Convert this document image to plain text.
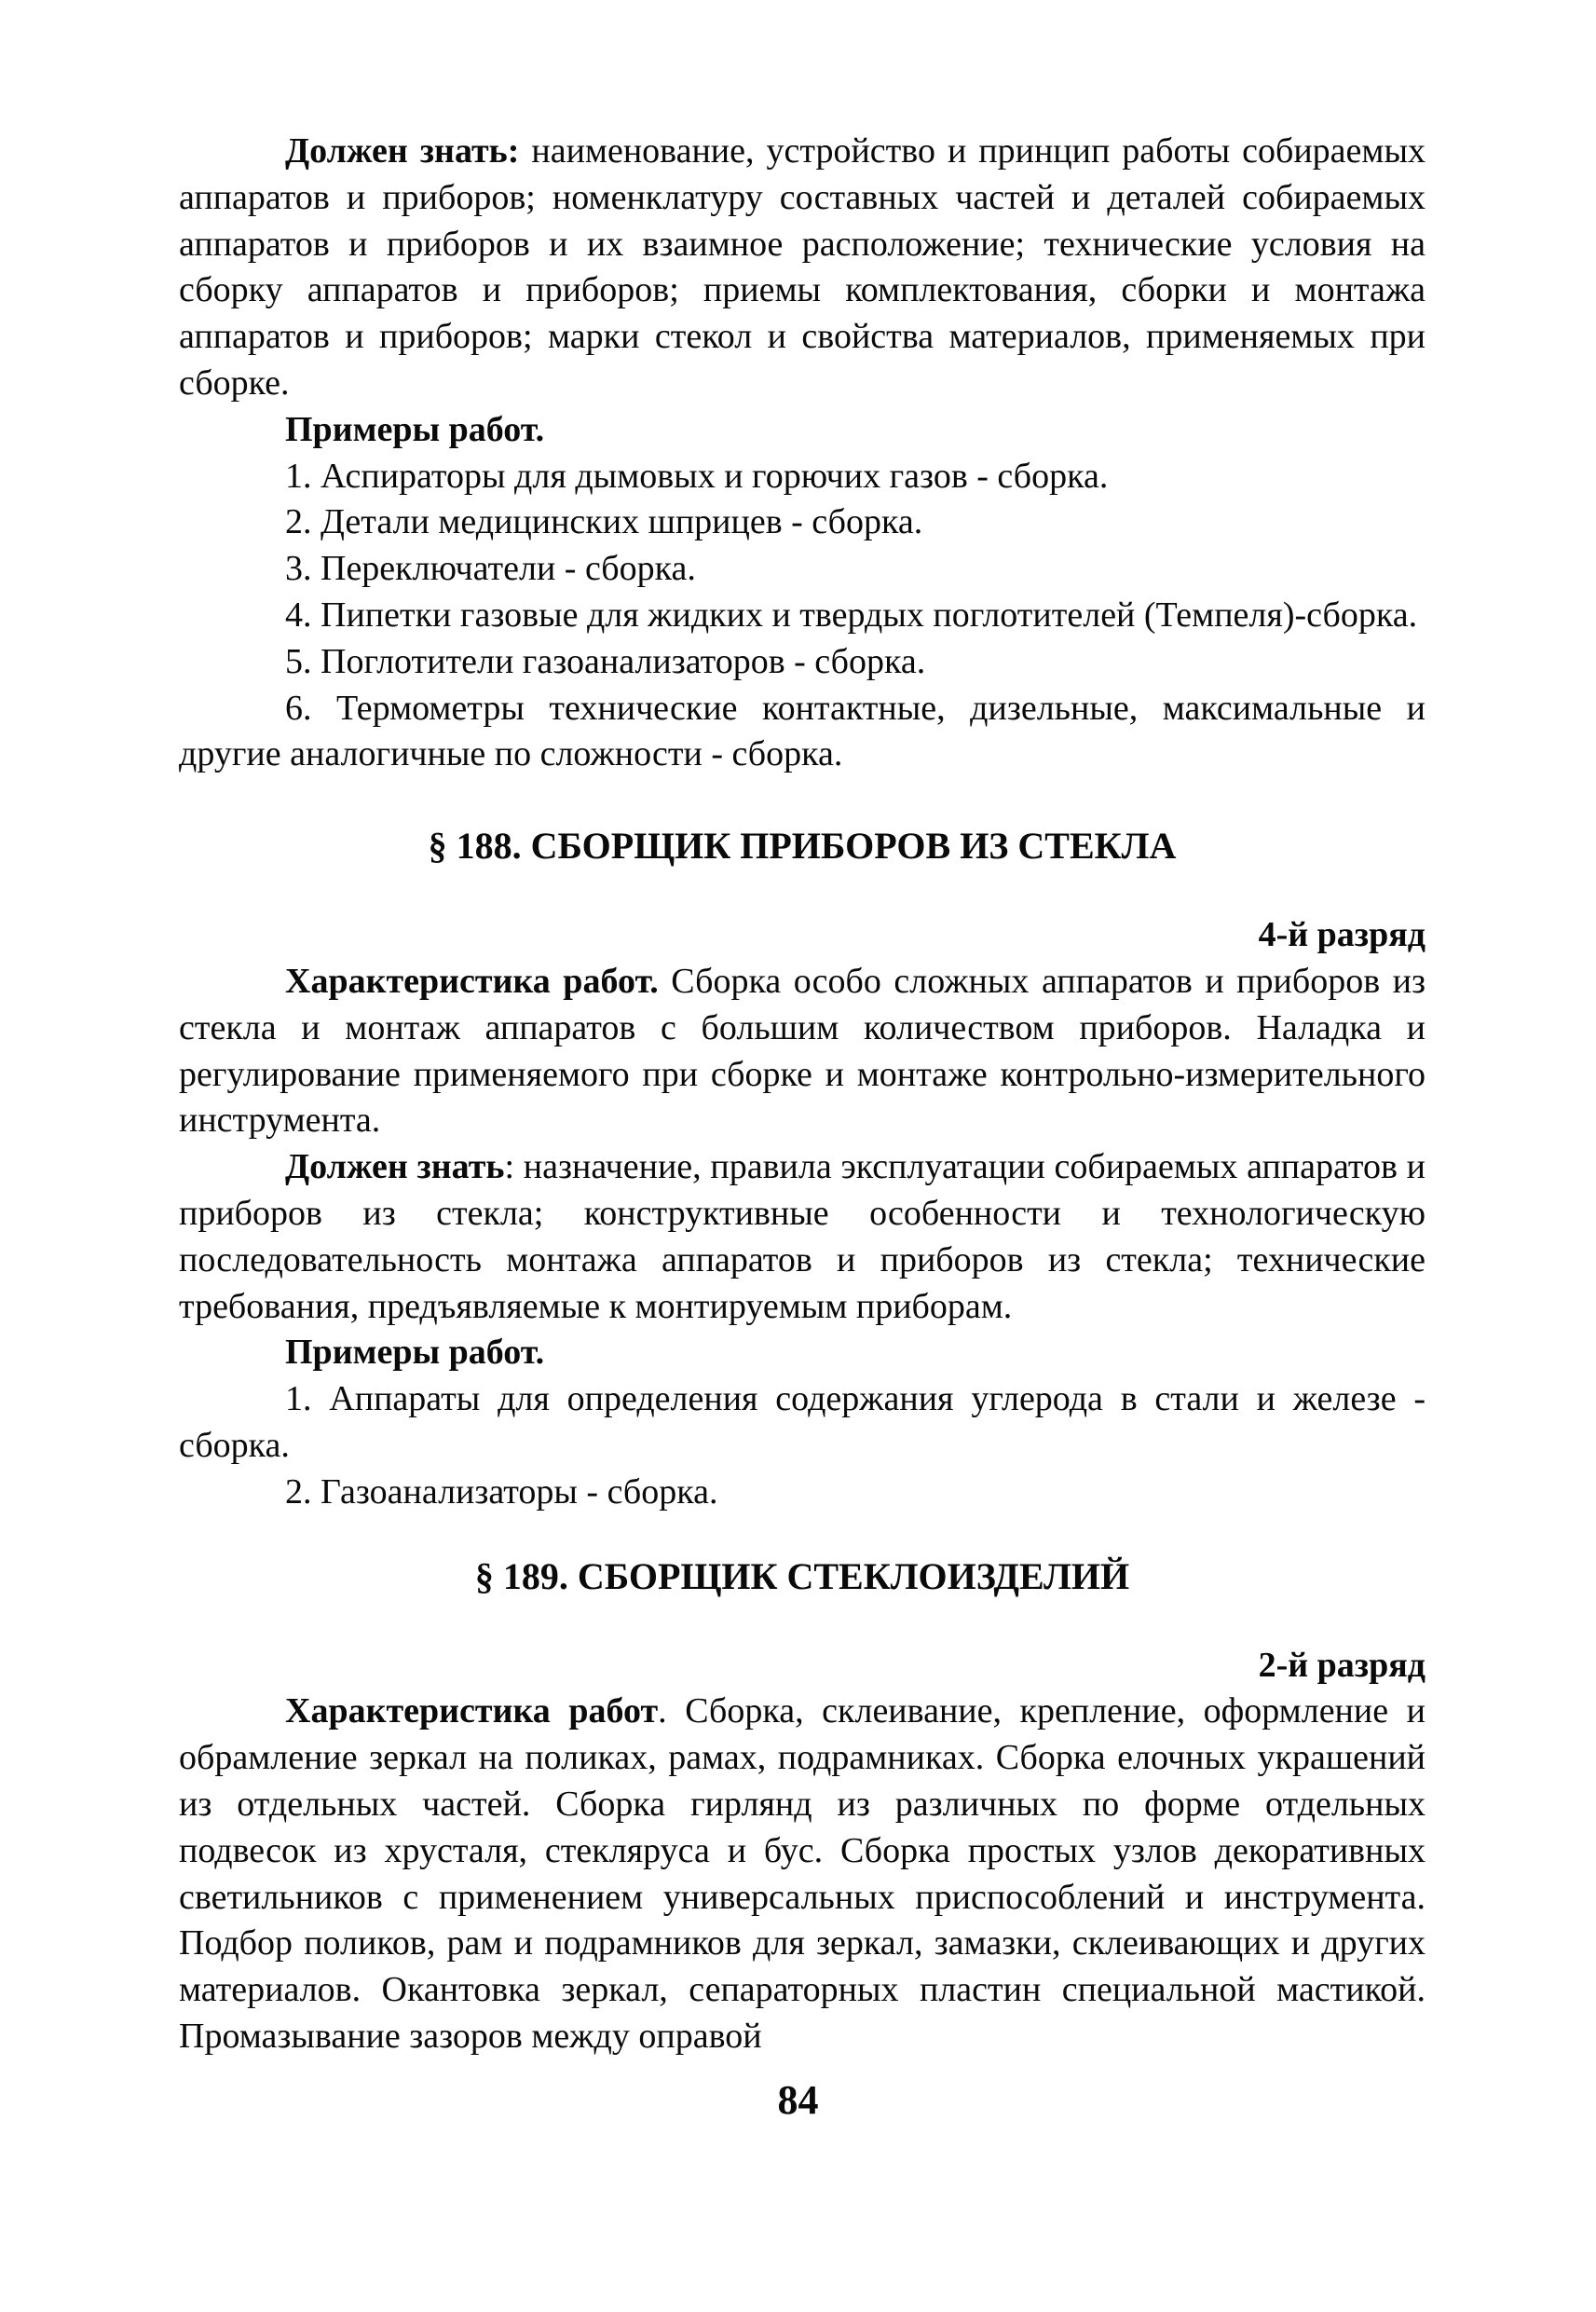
Должен знать: наименование, устройство и принцип работы собираемых аппаратов и приборов; номенклатуру составных частей и деталей собираемых аппаратов и приборов и их взаимное расположение; технические условия на сборку аппаратов и приборов; приемы комплектования, сборки и монтажа аппаратов и приборов; марки стекол и свойства материалов, применяемых при сборке.

Примеры работ.

1. Аспираторы для дымовых и горючих газов - сборка.

2. Детали медицинских шприцев - сборка.

3. Переключатели - сборка.

4. Пипетки газовые для жидких и твердых поглотителей (Темпеля)-сборка.

5. Поглотители газоанализаторов - сборка.

6. Термометры технические контактные, дизельные, максимальные и другие аналогичные по сложности - сборка.

§ 188. СБОРЩИК ПРИБОРОВ ИЗ СТЕКЛА

4-й разряд

Характеристика работ. Сборка особо сложных аппаратов и приборов из стекла и монтаж аппаратов с большим количеством приборов. Наладка и регулирование применяемого при сборке и монтаже контрольно-измерительного инструмента.

Должен знать: назначение, правила эксплуатации собираемых аппаратов и приборов из стекла; конструктивные особенности и технологическую последовательность монтажа аппаратов и приборов из стекла; технические требования, предъявляемые к монтируемым приборам.

Примеры работ.

1. Аппараты для определения содержания углерода в стали и железе - сборка.

2. Газоанализаторы - сборка.

§ 189. СБОРЩИК СТЕКЛОИЗДЕЛИЙ

2-й разряд

Характеристика работ. Сборка, склеивание, крепление, оформление и обрамление зеркал на поликах, рамах, подрамниках. Сборка елочных украшений из отдельных частей. Сборка гирлянд из различных по форме отдельных подвесок из хрусталя, стекляруса и бус. Сборка простых узлов декоративных светильников с применением универсальных приспособлений и инструмента. Подбор поликов, рам и подрамников для зеркал, замазки, склеивающих и других материалов. Окантовка зеркал, сепараторных пластин специальной мастикой. Промазывание зазоров между оправой

84
